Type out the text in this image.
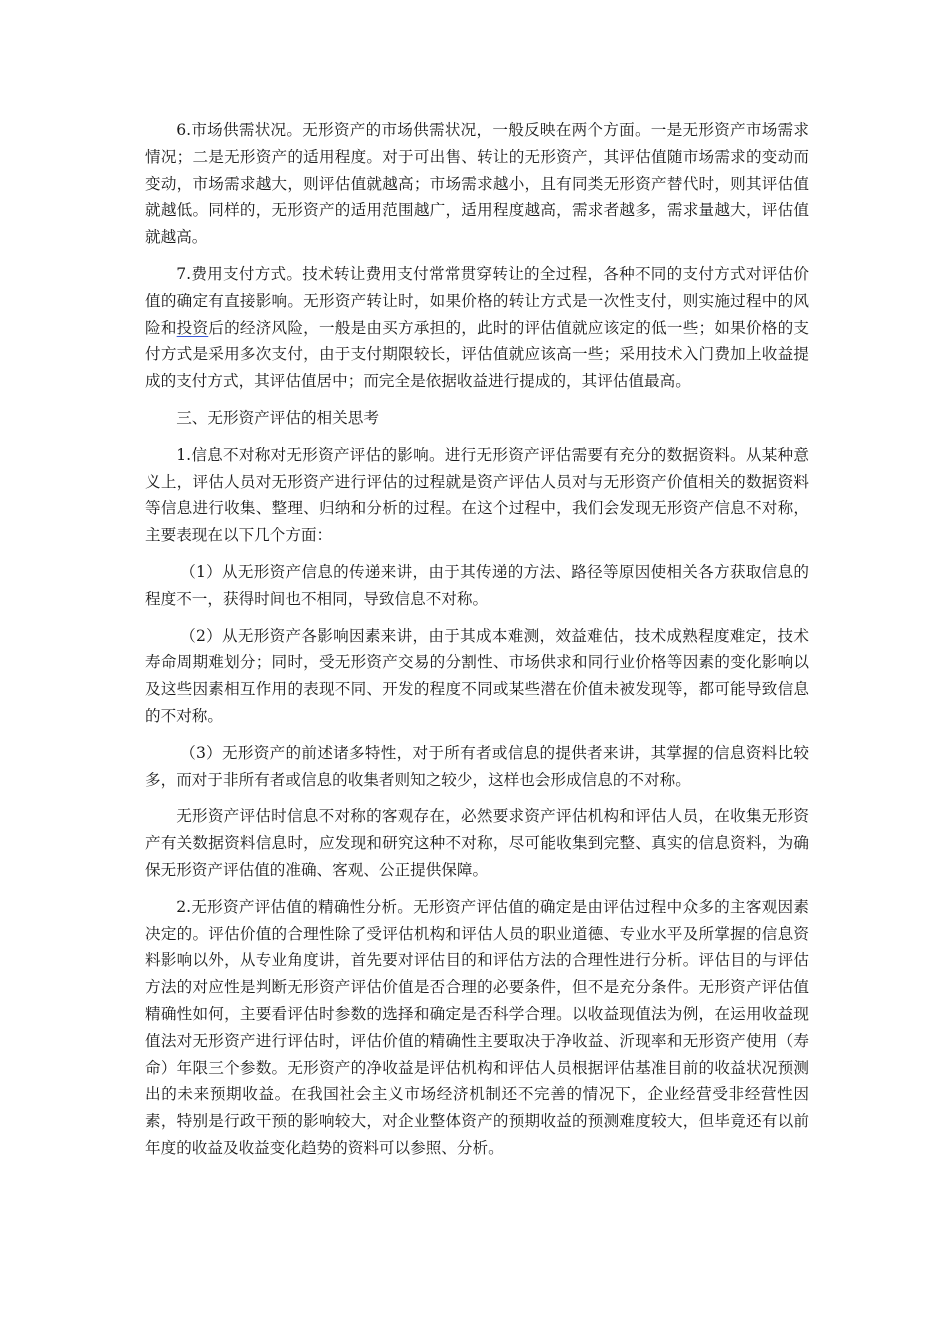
6.市场供需状况。无形资产的市场供需状况，一般反映在两个方面。一是无形资产市场需求情况；二是无形资产的适用程度。对于可出售、转让的无形资产，其评估值随市场需求的变动而变动，市场需求越大，则评估值就越高；市场需求越小，且有同类无形资产替代时，则其评估值就越低。同样的，无形资产的适用范围越广，适用程度越高，需求者越多，需求量越大，评估值就越高。

7.费用支付方式。技术转让费用支付常常贯穿转让的全过程，各种不同的支付方式对评估价值的确定有直接影响。无形资产转让时，如果价格的转让方式是一次性支付，则实施过程中的风险和投资后的经济风险，一般是由买方承担的，此时的评估值就应该定的低一些；如果价格的支付方式是采用多次支付，由于支付期限较长，评估值就应该高一些；采用技术入门费加上收益提成的支付方式，其评估值居中；而完全是依据收益进行提成的，其评估值最高。

三、无形资产评估的相关思考

1.信息不对称对无形资产评估的影响。进行无形资产评估需要有充分的数据资料。从某种意义上，评估人员对无形资产进行评估的过程就是资产评估人员对与无形资产价值相关的数据资料等信息进行收集、整理、归纳和分析的过程。在这个过程中，我们会发现无形资产信息不对称，主要表现在以下几个方面：

（1）从无形资产信息的传递来讲，由于其传递的方法、路径等原因使相关各方获取信息的程度不一，获得时间也不相同，导致信息不对称。

（2）从无形资产各影响因素来讲，由于其成本难测，效益难估，技术成熟程度难定，技术寿命周期难划分；同时，受无形资产交易的分割性、市场供求和同行业价格等因素的变化影响以及这些因素相互作用的表现不同、开发的程度不同或某些潜在价值未被发现等，都可能导致信息的不对称。

（3）无形资产的前述诸多特性，对于所有者或信息的提供者来讲，其掌握的信息资料比较多，而对于非所有者或信息的收集者则知之较少，这样也会形成信息的不对称。

无形资产评估时信息不对称的客观存在，必然要求资产评估机构和评估人员，在收集无形资产有关数据资料信息时，应发现和研究这种不对称，尽可能收集到完整、真实的信息资料，为确保无形资产评估值的准确、客观、公正提供保障。

2.无形资产评估值的精确性分析。无形资产评估值的确定是由评估过程中众多的主客观因素决定的。评估价值的合理性除了受评估机构和评估人员的职业道德、专业水平及所掌握的信息资料影响以外，从专业角度讲，首先要对评估目的和评估方法的合理性进行分析。评估目的与评估方法的对应性是判断无形资产评估价值是否合理的必要条件，但不是充分条件。无形资产评估值精确性如何，主要看评估时参数的选择和确定是否科学合理。以收益现值法为例，在运用收益现值法对无形资产进行评估时，评估价值的精确性主要取决于净收益、沂现率和无形资产使用（寿命）年限三个参数。无形资产的净收益是评估机构和评估人员根据评估基准目前的收益状况预测出的未来预期收益。在我国社会主义市场经济机制还不完善的情况下，企业经营受非经营性因素，特别是行政干预的影响较大，对企业整体资产的预期收益的预测难度较大，但毕竟还有以前年度的收益及收益变化趋势的资料可以参照、分析。
